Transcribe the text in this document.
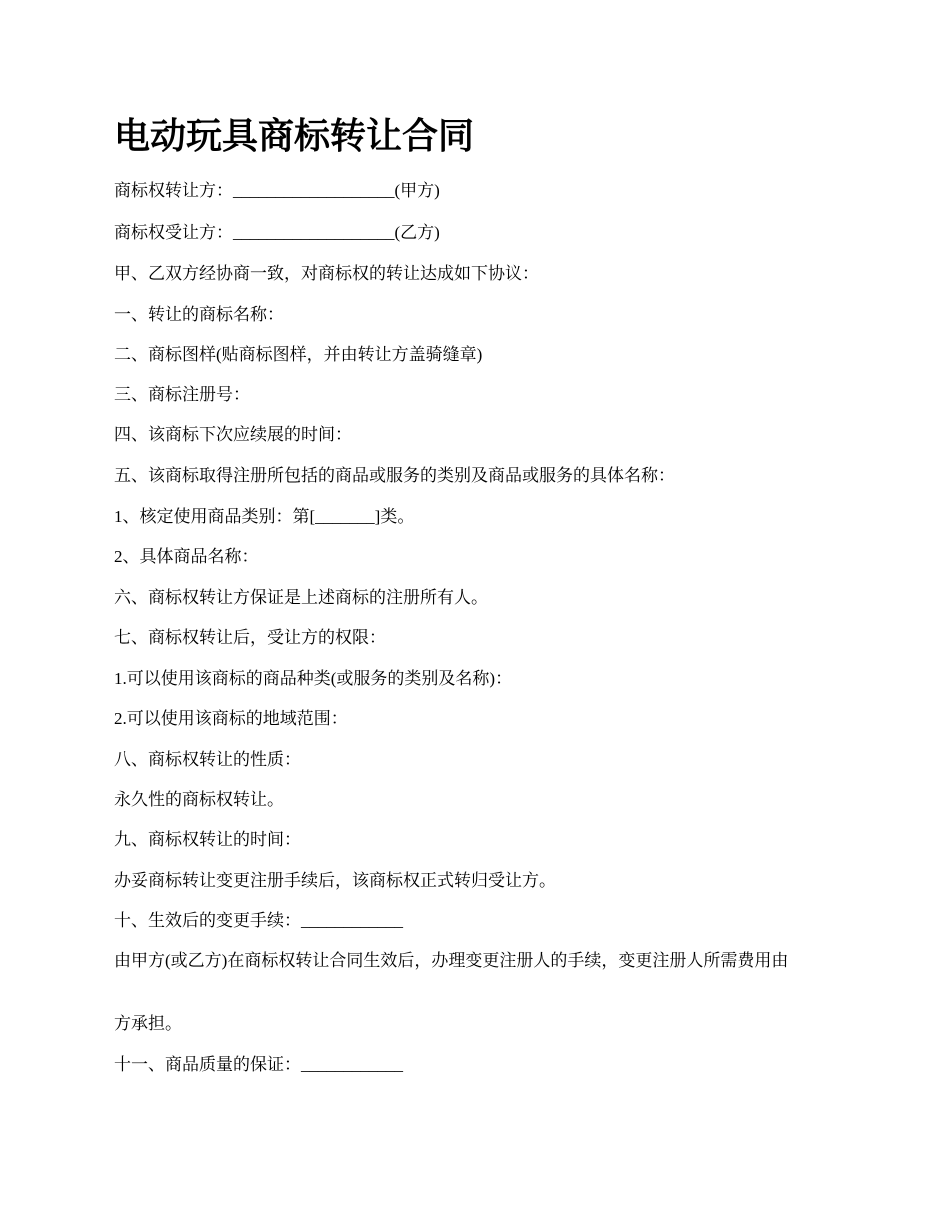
电动玩具商标转让合同

商标权转让方：___________________(甲方)

商标权受让方：___________________(乙方)

甲、乙双方经协商一致，对商标权的转让达成如下协议：

一、转让的商标名称：

二、商标图样(贴商标图样，并由转让方盖骑缝章)

三、商标注册号：

四、该商标下次应续展的时间：

五、该商标取得注册所包括的商品或服务的类别及商品或服务的具体名称：

1、核定使用商品类别：第[_______]类。

2、具体商品名称：

六、商标权转让方保证是上述商标的注册所有人。

七、商标权转让后，受让方的权限：

1.可以使用该商标的商品种类(或服务的类别及名称)：

2.可以使用该商标的地域范围：

八、商标权转让的性质：

永久性的商标权转让。

九、商标权转让的时间：

办妥商标转让变更注册手续后，该商标权正式转归受让方。

十、生效后的变更手续：____________

由甲方(或乙方)在商标权转让合同生效后，办理变更注册人的手续，变更注册人所需费用由

方承担。

十一、商品质量的保证：____________
